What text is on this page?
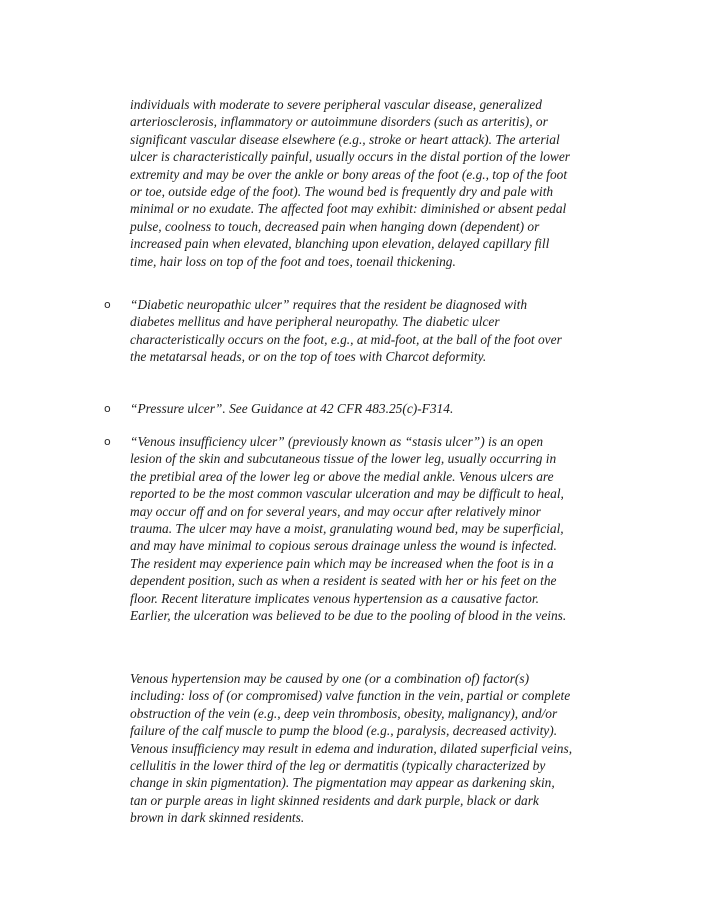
individuals with moderate to severe peripheral vascular disease, generalized arteriosclerosis, inflammatory or autoimmune disorders (such as arteritis), or significant vascular disease elsewhere (e.g., stroke or heart attack). The arterial ulcer is characteristically painful, usually occurs in the distal portion of the lower extremity and may be over the ankle or bony areas of the foot (e.g., top of the foot or toe, outside edge of the foot). The wound bed is frequently dry and pale with minimal or no exudate. The affected foot may exhibit: diminished or absent pedal pulse, coolness to touch, decreased pain when hanging down (dependent) or increased pain when elevated, blanching upon elevation, delayed capillary fill time, hair loss on top of the foot and toes, toenail thickening.

o “Diabetic neuropathic ulcer” requires that the resident be diagnosed with diabetes mellitus and have peripheral neuropathy. The diabetic ulcer characteristically occurs on the foot, e.g., at mid-foot, at the ball of the foot over the metatarsal heads, or on the top of toes with Charcot deformity.

o “Pressure ulcer”. See Guidance at 42 CFR 483.25(c)-F314.

o “Venous insufficiency ulcer” (previously known as “stasis ulcer”) is an open lesion of the skin and subcutaneous tissue of the lower leg, usually occurring in the pretibial area of the lower leg or above the medial ankle. Venous ulcers are reported to be the most common vascular ulceration and may be difficult to heal, may occur off and on for several years, and may occur after relatively minor trauma. The ulcer may have a moist, granulating wound bed, may be superficial, and may have minimal to copious serous drainage unless the wound is infected. The resident may experience pain which may be increased when the foot is in a dependent position, such as when a resident is seated with her or his feet on the floor. Recent literature implicates venous hypertension as a causative factor. Earlier, the ulceration was believed to be due to the pooling of blood in the veins.

Venous hypertension may be caused by one (or a combination of) factor(s) including: loss of (or compromised) valve function in the vein, partial or complete obstruction of the vein (e.g., deep vein thrombosis, obesity, malignancy), and/or failure of the calf muscle to pump the blood (e.g., paralysis, decreased activity). Venous insufficiency may result in edema and induration, dilated superficial veins, cellulitis in the lower third of the leg or dermatitis (typically characterized by change in skin pigmentation). The pigmentation may appear as darkening skin, tan or purple areas in light skinned residents and dark purple, black or dark brown in dark skinned residents.
